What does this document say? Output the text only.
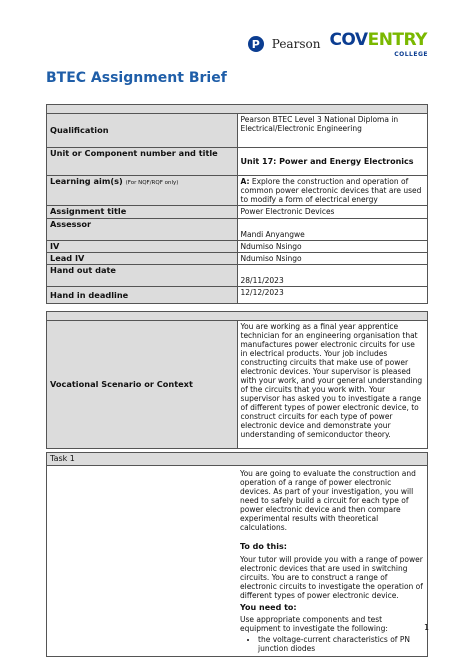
P Pearson COVENTRY
COLLEGE
BTEC Assignment Brief

Qualification	Pearson BTEC Level 3 National Diploma in Electrical/Electronic Engineering
Unit or Component number and title	Unit 17: Power and Energy Electronics
Learning aim(s) (For NQF/RQF only)	A: Explore the construction and operation of common power electronic devices that are used to modify a form of electrical energy
Assignment title	Power Electronic Devices
Assessor	Mandi Anyangwe
IV	Ndumiso Nsingo
Lead IV	Ndumiso Nsingo
Hand out date	28/11/2023
Hand in deadline	12/12/2023

Vocational Scenario or Context	You are working as a final year apprentice technician for an engineering organisation that manufactures power electronic circuits for use in electrical products. Your job includes constructing circuits that make use of power electronic devices. Your supervisor is pleased with your work, and your general understanding of the circuits that you work with. Your supervisor has asked you to investigate a range of different types of power electronic device, to construct circuits for each type of power electronic device and demonstrate your understanding of semiconductor theory.
Task 1

You are going to evaluate the construction and operation of a range of power electronic devices. As part of your investigation, you will need to safely build a circuit for each type of power electronic device and then compare experimental results with theoretical calculations.
To do this:
Your tutor will provide you with a range of power electronic devices that are used in switching circuits. You are to construct a range of electronic circuits to investigate the operation of different types of power electronic device.
You need to:
Use appropriate components and test equipment to investigate the following:
• the voltage-current characteristics of PN junction diodes
1
